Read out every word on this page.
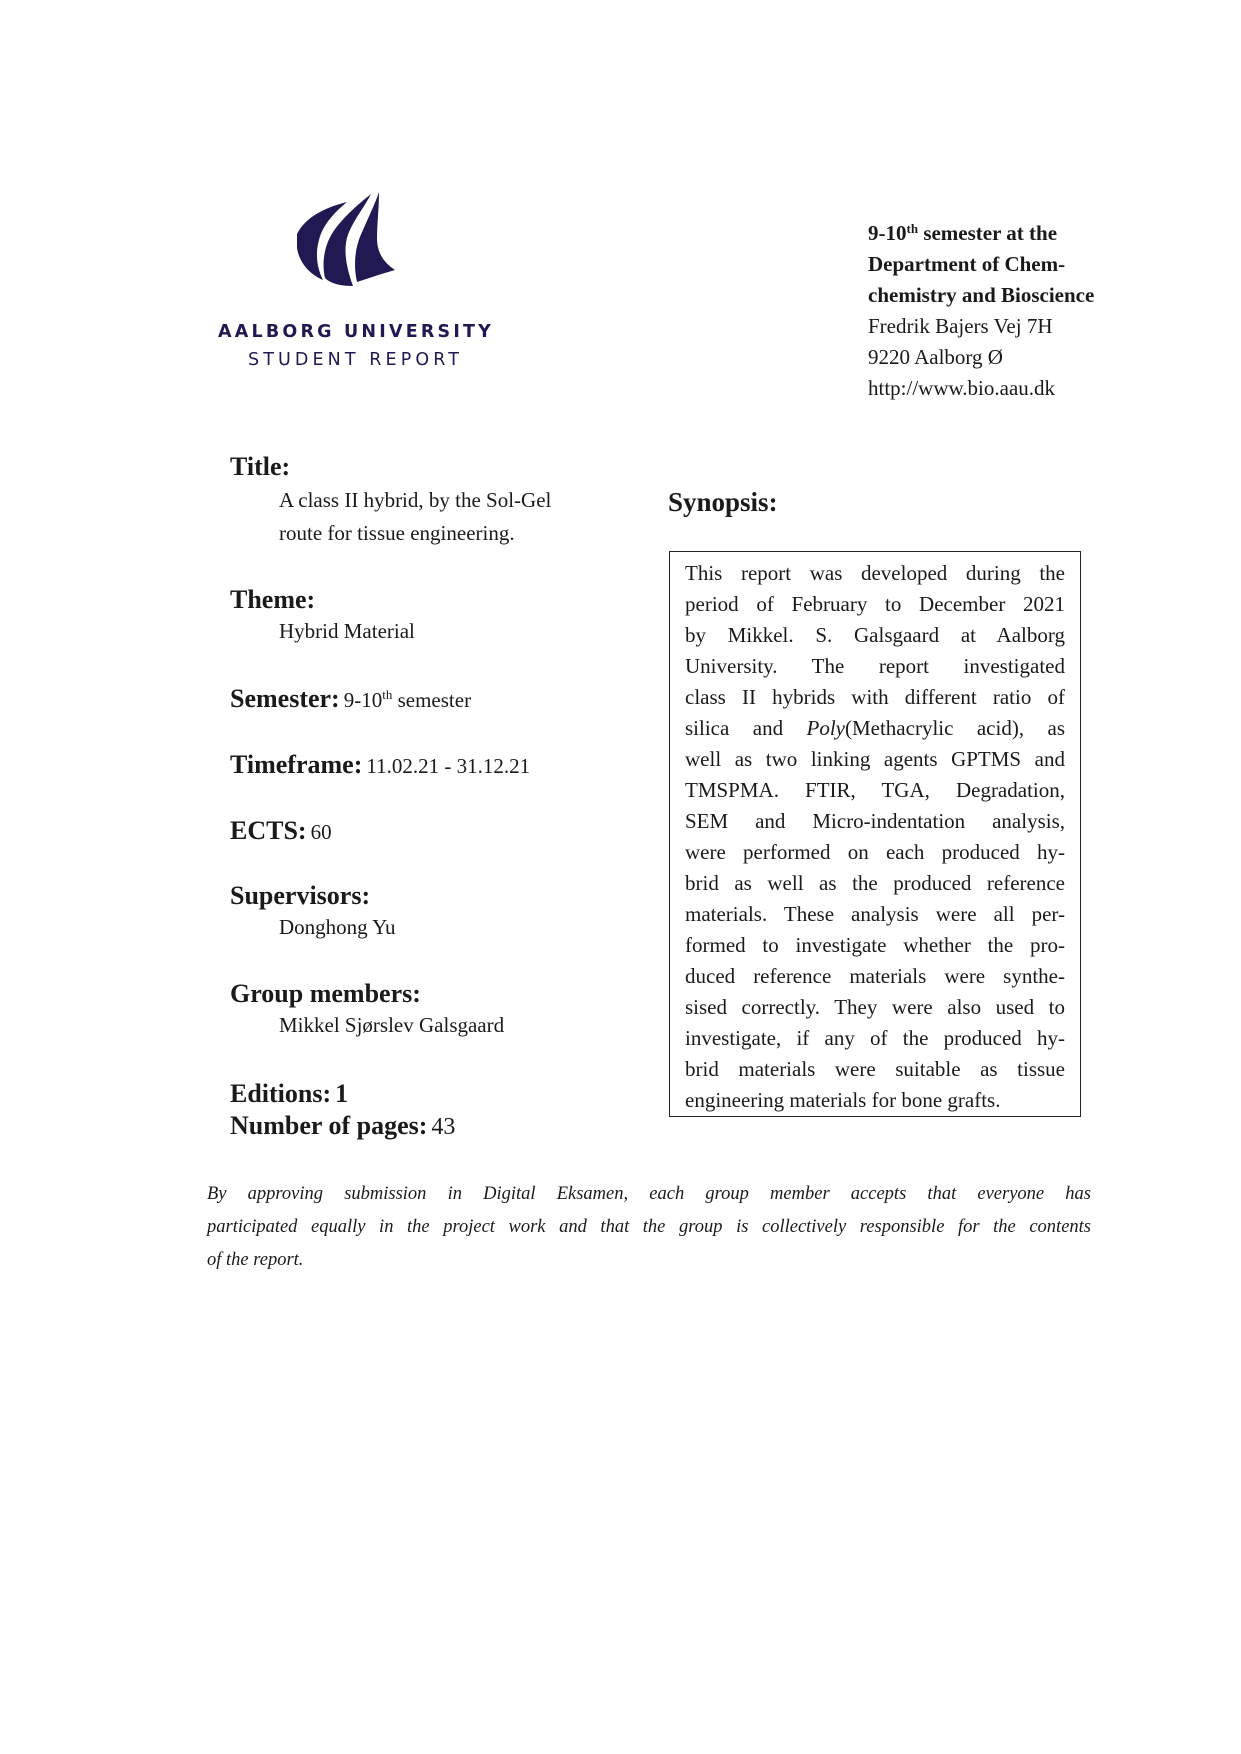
AALBORG UNIVERSITY
STUDENT REPORT
9-10th semester at the
Department of Chem-
chemistry and Bioscience
Fredrik Bajers Vej 7H
9220 Aalborg Ø
http://www.bio.aau.dk
Title:
A class II hybrid, by the Sol-Gel
route for tissue engineering.
Theme:
Hybrid Material
Semester: 9-10th semester
Timeframe: 11.02.21 - 31.12.21
ECTS: 60
Supervisors:
Donghong Yu
Group members:
Mikkel Sjørslev Galsgaard
Editions: 1
Number of pages: 43
Synopsis:

This report was developed during the
period of February to December 2021
by Mikkel. S. Galsgaard at Aalborg
University. The report investigated
class II hybrids with different ratio of
silica and Poly(Methacrylic acid), as
well as two linking agents GPTMS and
TMSPMA. FTIR, TGA, Degradation,
SEM and Micro-indentation analysis,
were performed on each produced hy-
brid as well as the produced reference
materials. These analysis were all per-
formed to investigate whether the pro-
duced reference materials were synthe-
sised correctly. They were also used to
investigate, if any of the produced hy-
brid materials were suitable as tissue
engineering materials for bone grafts.

By approving submission in Digital Eksamen, each group member accepts that everyone has
participated equally in the project work and that the group is collectively responsible for the contents
of the report.
